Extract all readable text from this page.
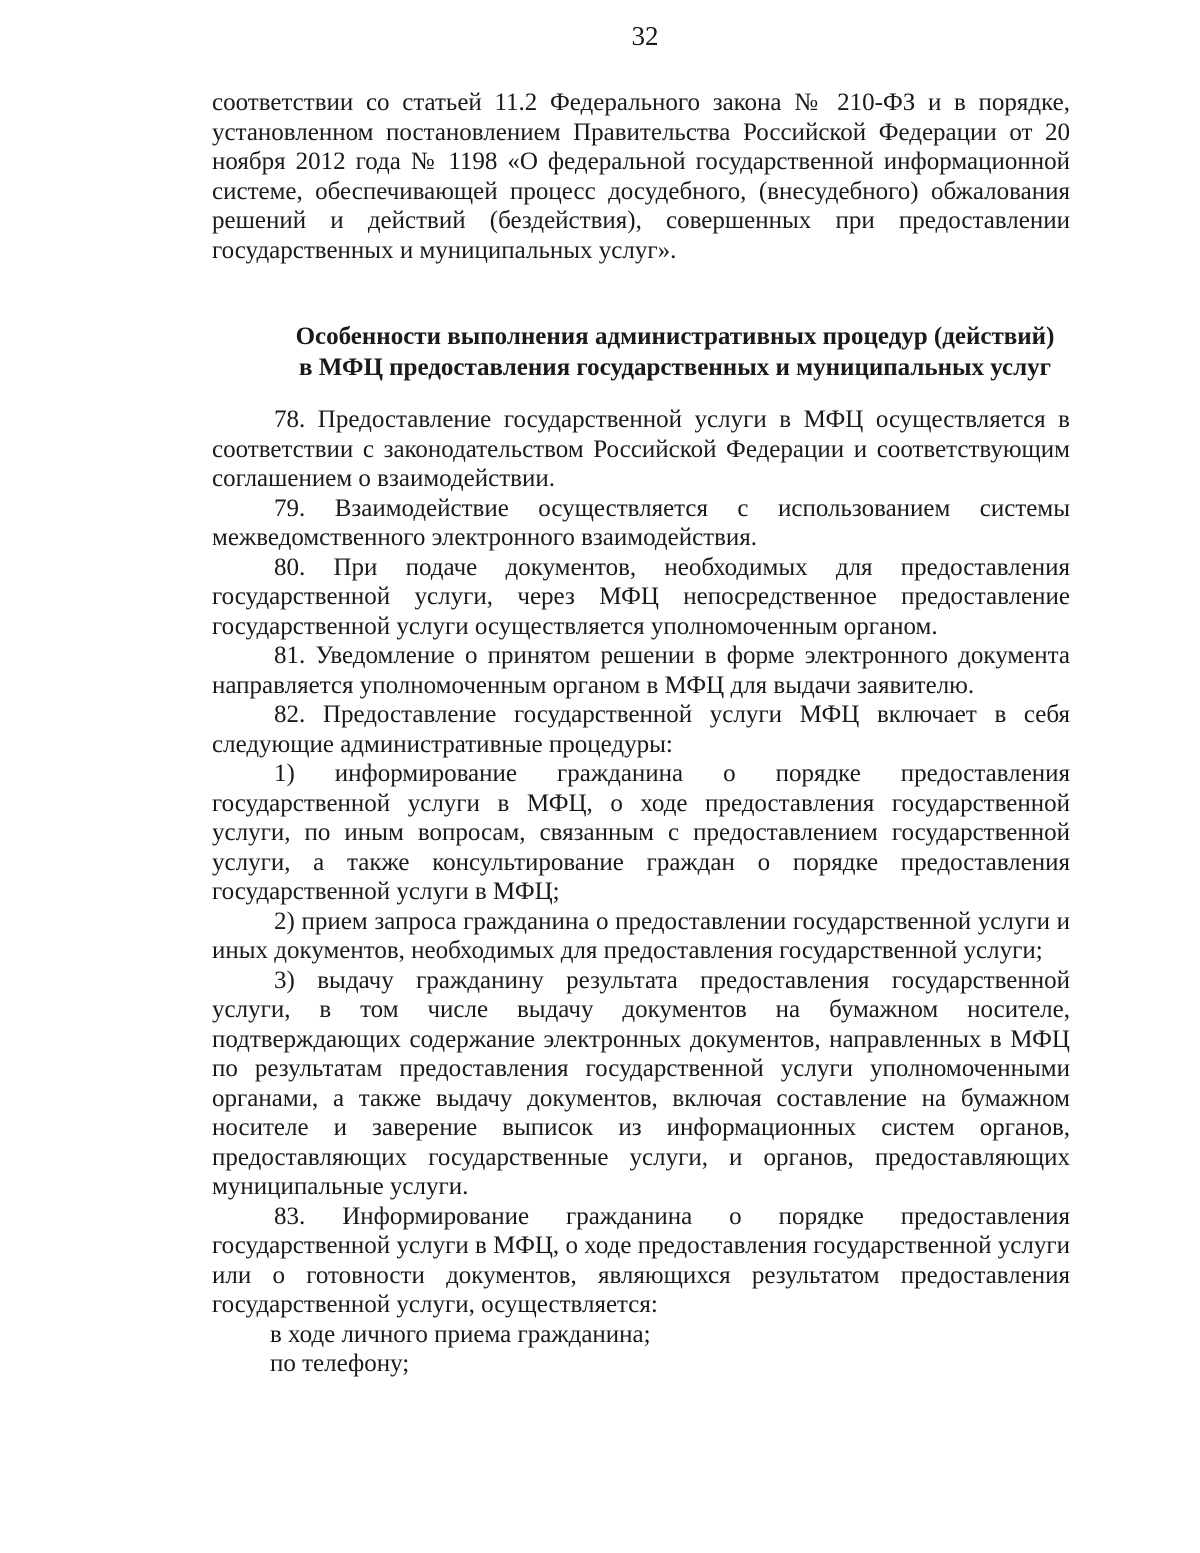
32

соответствии со статьей 11.2 Федерального закона № 210-ФЗ и в порядке, установленном постановлением Правительства Российской Федерации от 20 ноября 2012 года № 1198 «О федеральной государственной информационной системе, обеспечивающей процесс досудебного, (внесудебного) обжалования решений и действий (бездействия), совершенных при предоставлении государственных и муниципальных услуг».

Особенности выполнения административных процедур (действий)
в МФЦ предоставления государственных и муниципальных услуг

78. Предоставление государственной услуги в МФЦ осуществляется в соответствии с законодательством Российской Федерации и соответствующим соглашением о взаимодействии.

79. Взаимодействие осуществляется с использованием системы межведомственного электронного взаимодействия.

80. При подаче документов, необходимых для предоставления государственной услуги, через МФЦ непосредственное предоставление государственной услуги осуществляется уполномоченным органом.

81. Уведомление о принятом решении в форме электронного документа направляется уполномоченным органом в МФЦ для выдачи заявителю.

82. Предоставление государственной услуги МФЦ включает в себя следующие административные процедуры:

1) информирование гражданина о порядке предоставления государственной услуги в МФЦ, о ходе предоставления государственной услуги, по иным вопросам, связанным с предоставлением государственной услуги, а также консультирование граждан о порядке предоставления государственной услуги в МФЦ;

2) прием запроса гражданина о предоставлении государственной услуги и иных документов, необходимых для предоставления государственной услуги;

3) выдачу гражданину результата предоставления государственной услуги, в том числе выдачу документов на бумажном носителе, подтверждающих содержание электронных документов, направленных в МФЦ по результатам предоставления государственной услуги уполномоченными органами, а также выдачу документов, включая составление на бумажном носителе и заверение выписок из информационных систем органов, предоставляющих государственные услуги, и органов, предоставляющих муниципальные услуги.

83. Информирование гражданина о порядке предоставления государственной услуги в МФЦ, о ходе предоставления государственной услуги или о готовности документов, являющихся результатом предоставления государственной услуги, осуществляется:

в ходе личного приема гражданина;

по телефону;
